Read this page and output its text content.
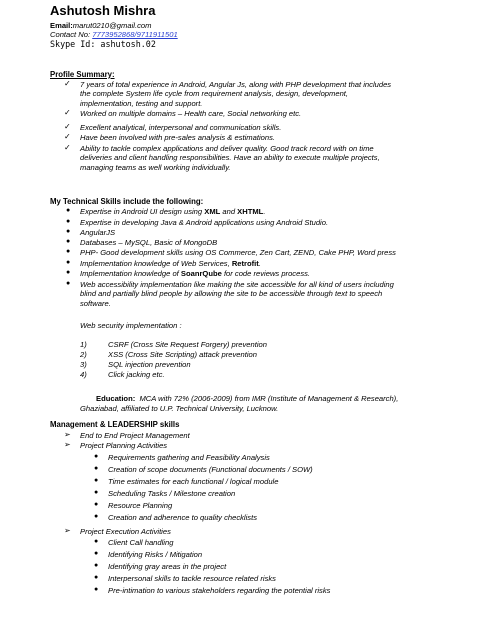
Ashutosh Mishra
Email:marut0210@gmail.com
Contact No: 7773952868/9711911501
Skype Id: ashutosh.02
Profile Summary:
My Technical Skills include the following:
Web security implementation :
Education: MCA with 72% (2006-2009) from IMR (Institute of Management & Research),
Ghaziabad, affiliated to U.P. Technical University, Lucknow.
Management & LEADERSHIP skills
✓ 7 years of total experience in Android, Angular Js, along with PHP development that includes
the complete System life cycle from requirement analysis, design, development,
implementation, testing and support.
✓ Worked on multiple domains – Health care, Social networking etc.
✓ Excellent analytical, interpersonal and communication skills.
✓ Have been involved with pre-sales analysis & estimations.
✓ Ability to tackle complex applications and deliver quality. Good track record with on time
deliveries and client handling responsibilities. Have an ability to execute multiple projects,
managing teams as well working individually.
● Expertise in Android UI design using XML and XHTML.
● Expertise in developing Java & Android applications using Android Studio.
● AngularJS
● Databases – MySQL, Basic of MongoDB
● PHP- Good development skills using OS Commerce, Zen Cart, ZEND, Cake PHP, Word press
● Implementation knowledge of Web Services, Retrofit.
● Implementation knowledge of SoanrQube for code reviews process.
● Web accessibility implementation like making the site accessible for all kind of users including
blind and partially blind people by allowing the site to be accessible through text to speech
software.
1)	CSRF (Cross Site Request Forgery) prevention
2)	XSS (Cross Site Scripting) attack prevention
3)	SQL injection prevention
4)	Click jacking etc.
➢ End to End Project Management
➢ Project Planning Activities
● Requirements gathering and Feasibility Analysis
● Creation of scope documents (Functional documents / SOW)
● Time estimates for each functional / logical module
● Scheduling Tasks / Milestone creation
● Resource Planning
● Creation and adherence to quality checklists
➢ Project Execution Activities
● Client Call handling
● Identifying Risks / Mitigation
● Identifying gray areas in the project
● Interpersonal skills to tackle resource related risks
● Pre-intimation to various stakeholders regarding the potential risks
